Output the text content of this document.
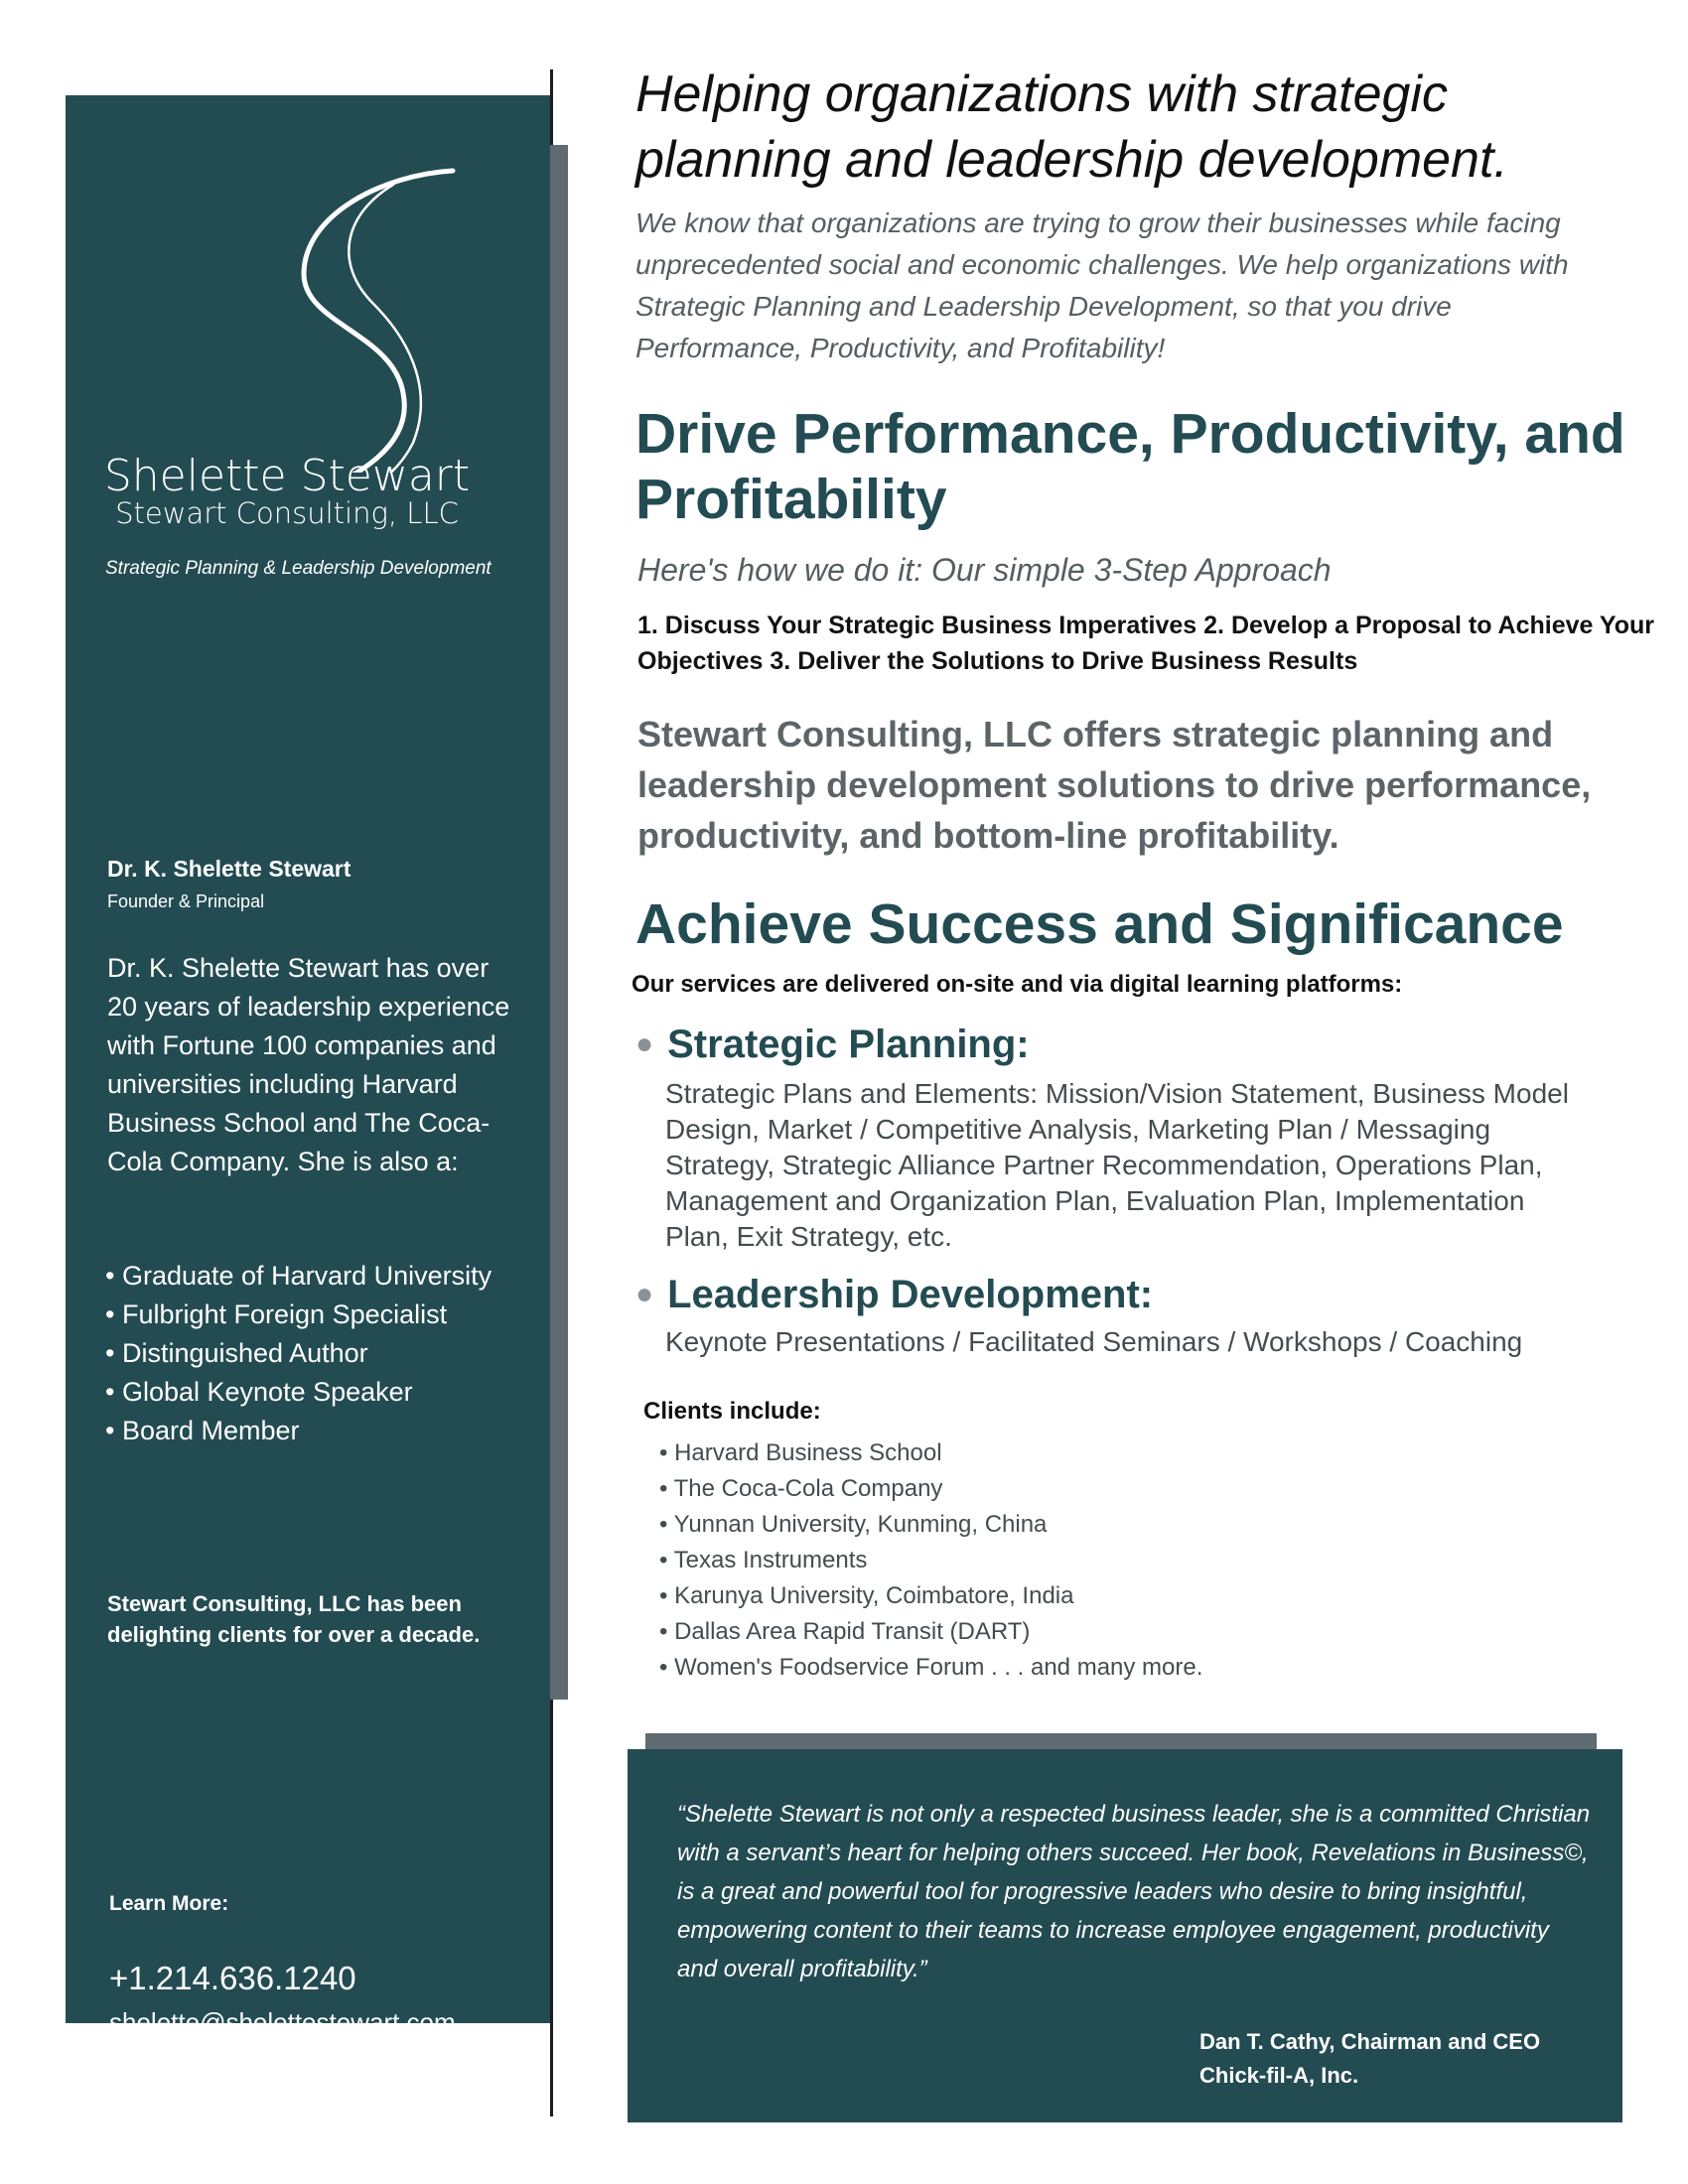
Shelette Stewart
Stewart Consulting, LLC
Strategic Planning & Leadership Development
Dr. K. Shelette Stewart
Founder & Principal

Dr. K. Shelette Stewart has over 20 years of leadership experience with Fortune 100 companies and universities including Harvard Business School and The Coca-Cola Company. She is also a:

• Graduate of Harvard University
• Fulbright Foreign Specialist
• Distinguished Author
• Global Keynote Speaker
• Board Member

Stewart Consulting, LLC has been delighting clients for over a decade.

Learn More:
+1.214.636.1240
shelette@shelettestewart.com
shelettestewart.com
Helping organizations with strategic planning and leadership development.

We know that organizations are trying to grow their businesses while facing unprecedented social and economic challenges. We help organizations with Strategic Planning and Leadership Development, so that you drive Performance, Productivity, and Profitability!

Drive Performance, Productivity, and Profitability
Here's how we do it: Our simple 3-Step Approach

1. Discuss Your Strategic Business Imperatives 2. Develop a Proposal to Achieve Your Objectives 3. Deliver the Solutions to Drive Business Results

Stewart Consulting, LLC offers strategic planning and leadership development solutions to drive performance, productivity, and bottom-line profitability.

Achieve Success and Significance
Our services are delivered on-site and via digital learning platforms:
● Strategic Planning:

Strategic Plans and Elements: Mission/Vision Statement, Business Model Design, Market / Competitive Analysis, Marketing Plan / Messaging Strategy, Strategic Alliance Partner Recommendation, Operations Plan, Management and Organization Plan, Evaluation Plan, Implementation Plan, Exit Strategy, etc.

● Leadership Development:

Keynote Presentations / Facilitated Seminars / Workshops / Coaching

Clients include:
• Harvard Business School
• The Coca-Cola Company
• Yunnan University, Kunming, China
• Texas Instruments
• Karunya University, Coimbatore, India
• Dallas Area Rapid Transit (DART)
• Women's Foodservice Forum . . . and many more.

“Shelette Stewart is not only a respected business leader, she is a committed Christian with a servant’s heart for helping others succeed. Her book, Revelations in Business©, is a great and powerful tool for progressive leaders who desire to bring insightful, empowering content to their teams to increase employee engagement, productivity and overall profitability.”

Dan T. Cathy, Chairman and CEO
Chick-fil-A, Inc.
